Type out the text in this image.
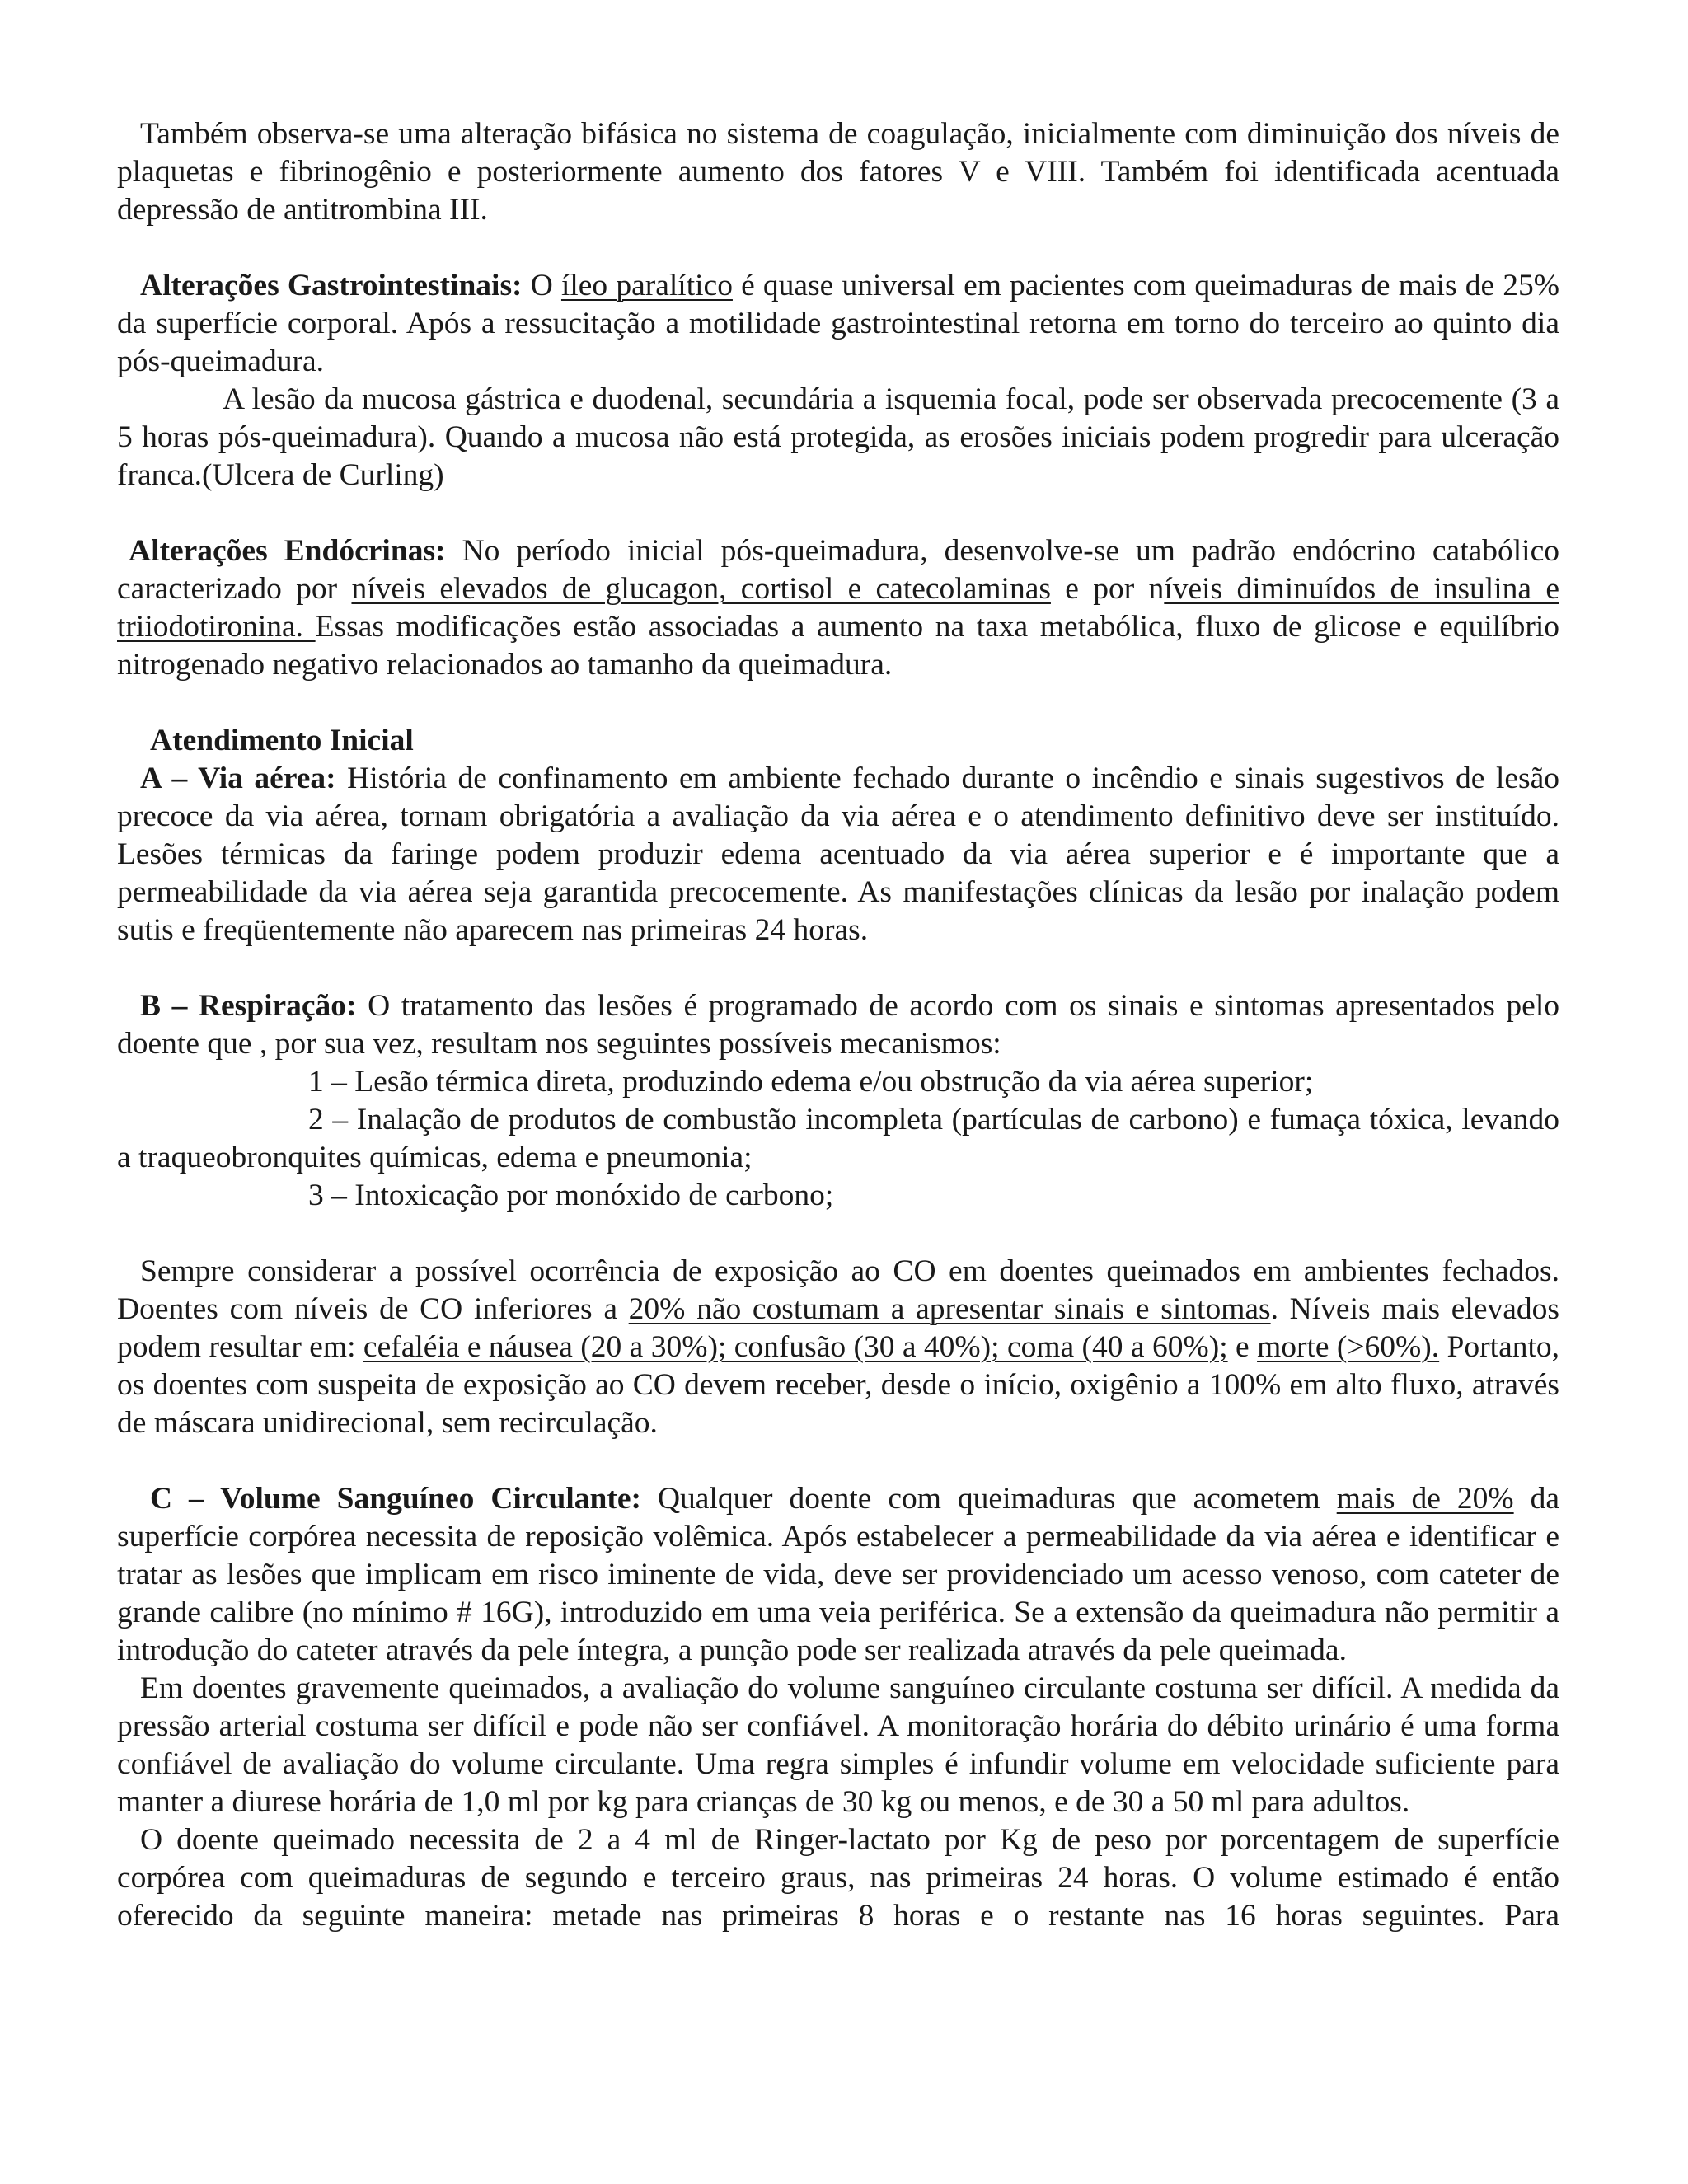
Também observa-se uma alteração bifásica no sistema de coagulação, inicialmente com diminuição dos níveis de plaquetas e fibrinogênio e posteriormente aumento dos fatores V e VIII. Também foi identificada acentuada depressão de antitrombina III.

Alterações Gastrointestinais: O íleo paralítico é quase universal em pacientes com queimaduras de mais de 25% da superfície corporal. Após a ressucitação a motilidade gastrointestinal retorna em torno do terceiro ao quinto dia pós-queimadura.

A lesão da mucosa gástrica e duodenal, secundária a isquemia focal, pode ser observada precocemente (3 a 5 horas pós-queimadura). Quando a mucosa não está protegida, as erosões iniciais podem progredir para ulceração franca.(Ulcera de Curling)

Alterações Endócrinas: No período inicial pós-queimadura, desenvolve-se um padrão endócrino catabólico caracterizado por níveis elevados de glucagon, cortisol e catecolaminas e por níveis diminuídos de insulina e triiodotironina. Essas modificações estão associadas a aumento na taxa metabólica, fluxo de glicose e equilíbrio nitrogenado negativo relacionados ao tamanho da queimadura.

Atendimento Inicial

A – Via aérea: História de confinamento em ambiente fechado durante o incêndio e sinais sugestivos de lesão precoce da via aérea, tornam obrigatória a avaliação da via aérea e o atendimento definitivo deve ser instituído. Lesões térmicas da faringe podem produzir edema acentuado da via aérea superior e é importante que a permeabilidade da via aérea seja garantida precocemente. As manifestações clínicas da lesão por inalação podem sutis e freqüentemente não aparecem nas primeiras 24 horas.

B – Respiração: O tratamento das lesões é programado de acordo com os sinais e sintomas apresentados pelo doente que , por sua vez, resultam nos seguintes possíveis mecanismos:

1 – Lesão térmica direta, produzindo edema e/ou obstrução da via aérea superior;

2 – Inalação de produtos de combustão incompleta (partículas de carbono) e fumaça tóxica, levando a traqueobronquites químicas, edema e pneumonia;

3 – Intoxicação por monóxido de carbono;

Sempre considerar a possível ocorrência de exposição ao CO em doentes queimados em ambientes fechados. Doentes com níveis de CO inferiores a 20% não costumam a apresentar sinais e sintomas. Níveis mais elevados podem resultar em: cefaléia e náusea (20 a 30%); confusão (30 a 40%); coma (40 a 60%); e morte (>60%). Portanto, os doentes com suspeita de exposição ao CO devem receber, desde o início, oxigênio a 100% em alto fluxo, através de máscara unidirecional, sem recirculação.

C – Volume Sanguíneo Circulante: Qualquer doente com queimaduras que acometem mais de 20% da superfície corpórea necessita de reposição volêmica. Após estabelecer a permeabilidade da via aérea e identificar e tratar as lesões que implicam em risco iminente de vida, deve ser providenciado um acesso venoso, com cateter de grande calibre (no mínimo # 16G), introduzido em uma veia periférica. Se a extensão da queimadura não permitir a introdução do cateter através da pele íntegra, a punção pode ser realizada através da pele queimada.

Em doentes gravemente queimados, a avaliação do volume sanguíneo circulante costuma ser difícil. A medida da pressão arterial costuma ser difícil e pode não ser confiável. A monitoração horária do débito urinário é uma forma confiável de avaliação do volume circulante. Uma regra simples é infundir volume em velocidade suficiente para manter a diurese horária de 1,0 ml por kg para crianças de 30 kg ou menos, e de 30 a 50 ml para adultos.

O doente queimado necessita de 2 a 4 ml de Ringer-lactato por Kg de peso por porcentagem de superfície corpórea com queimaduras de segundo e terceiro graus, nas primeiras 24 horas. O volume estimado é então oferecido da seguinte maneira: metade nas primeiras 8 horas e o restante nas 16 horas seguintes. Para
